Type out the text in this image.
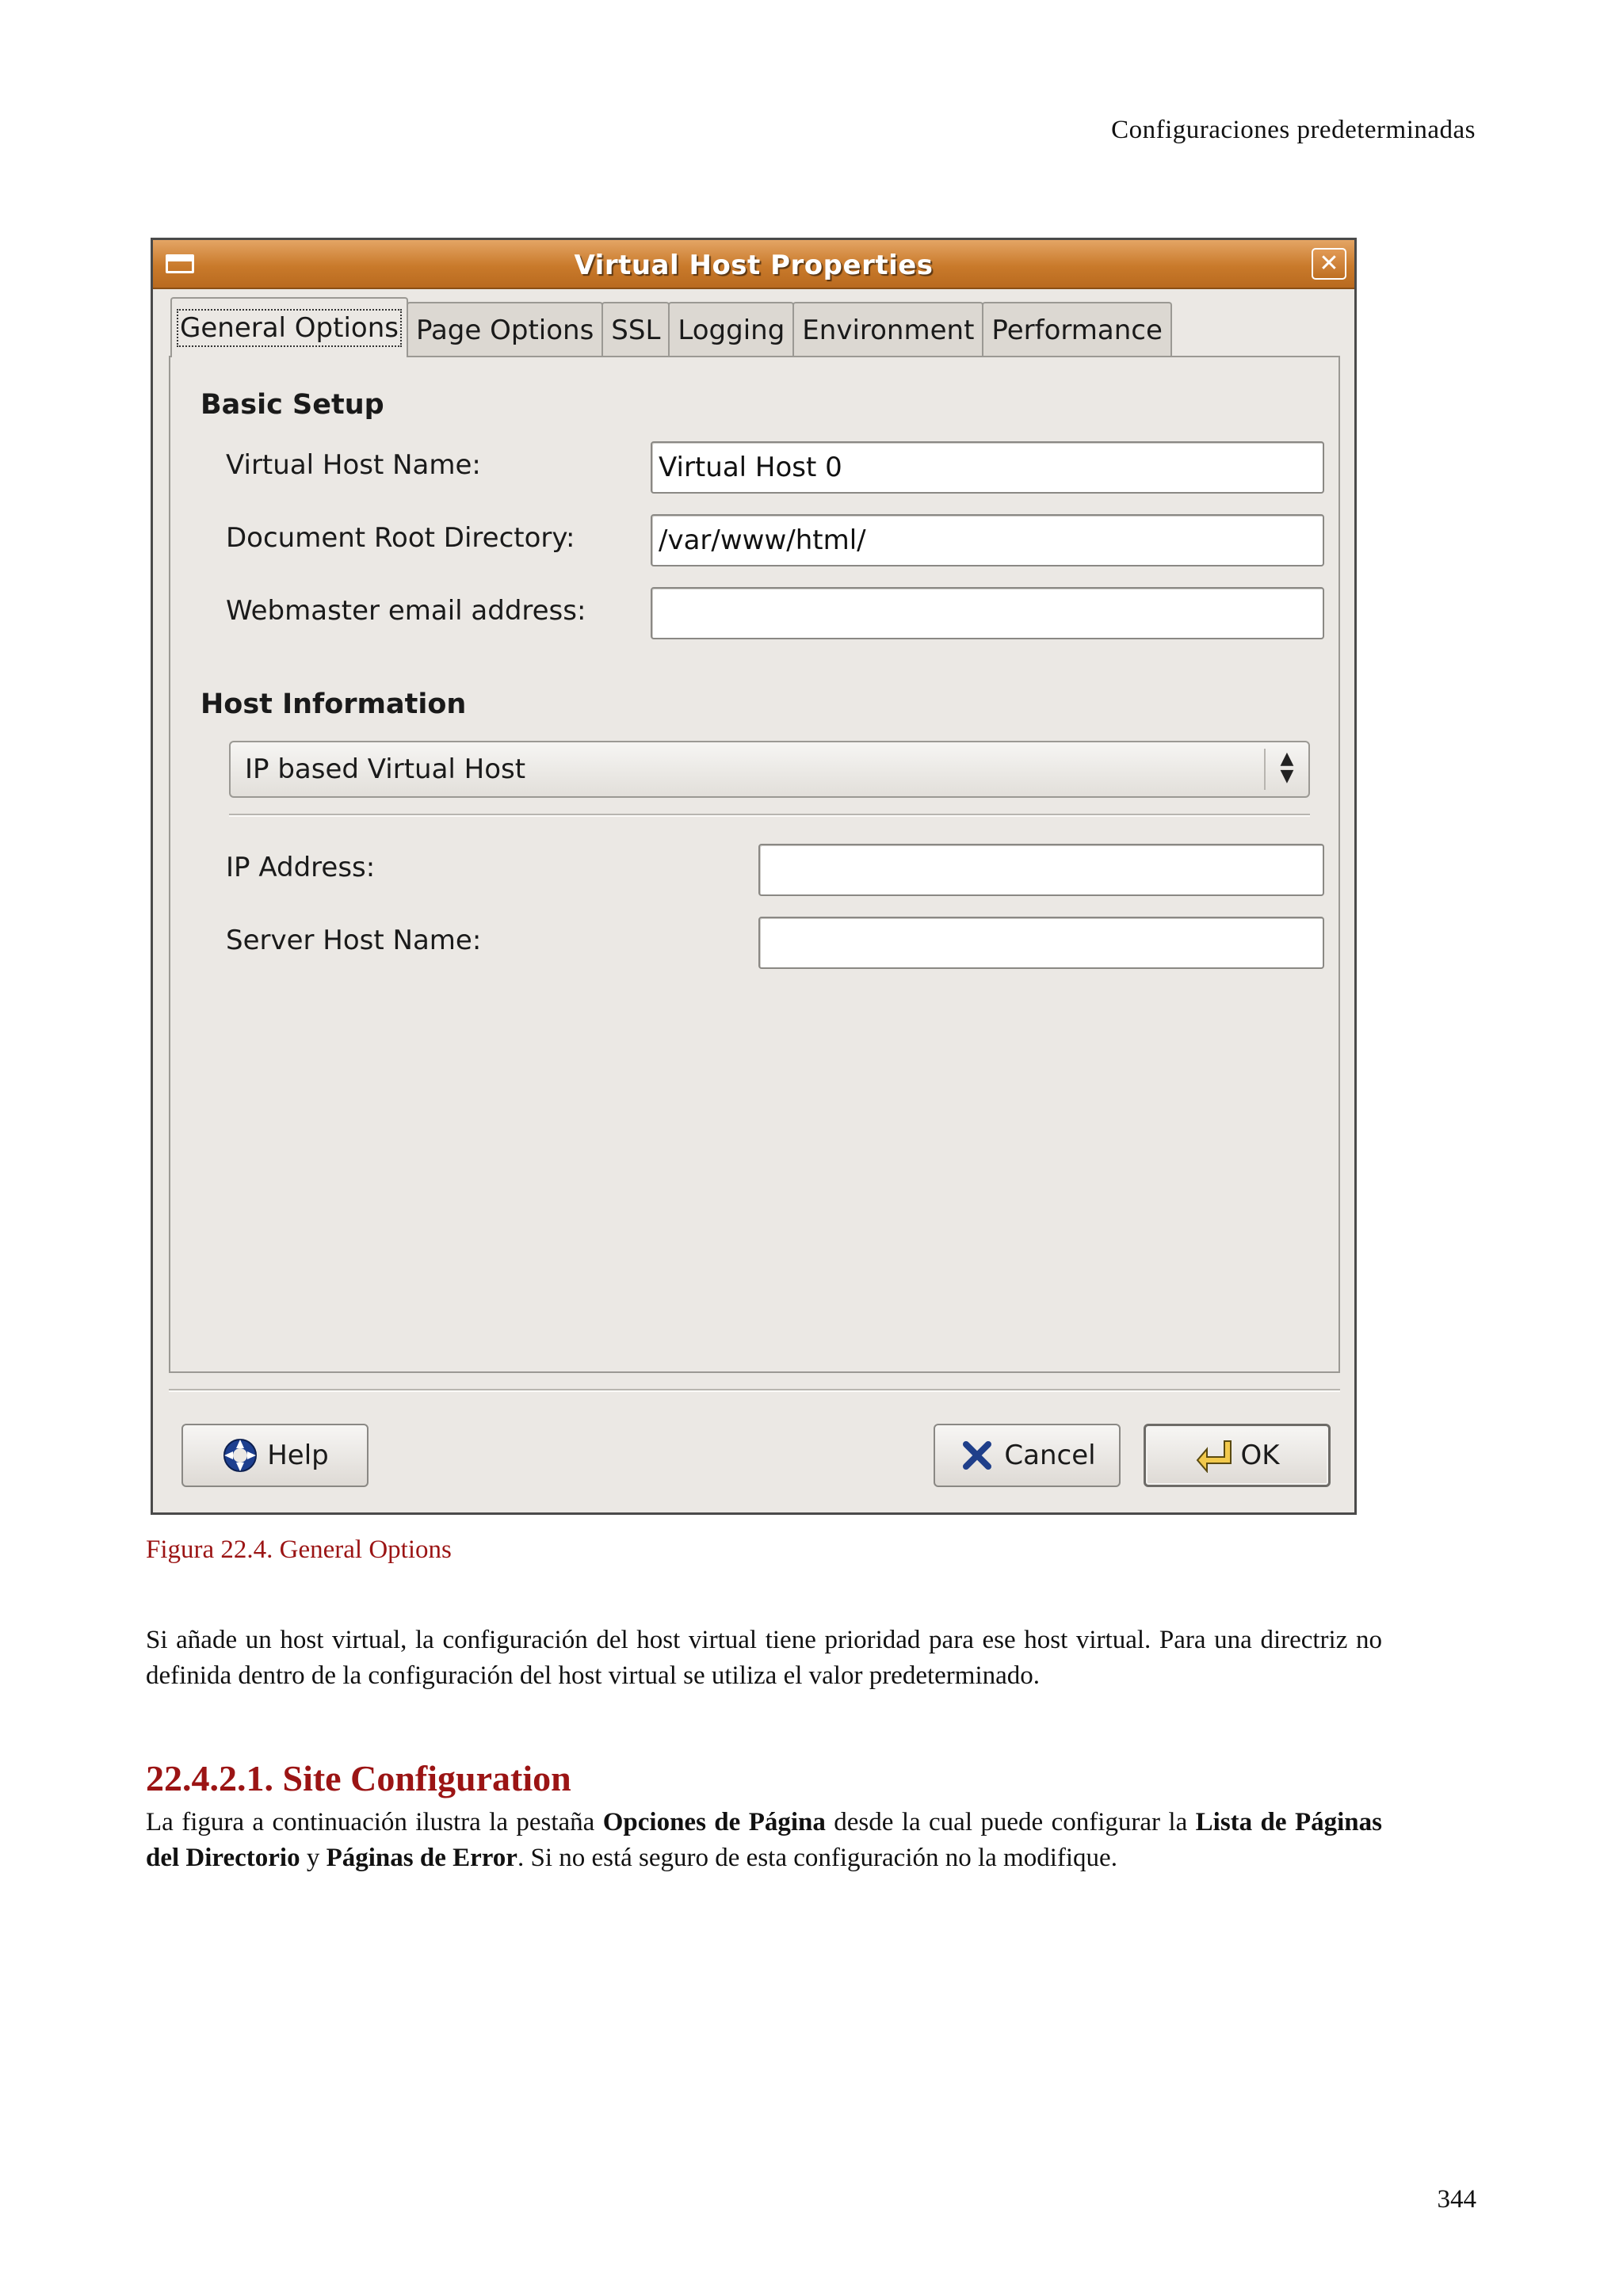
Configuraciones predeterminadas
Virtual Host Properties	✕
General Options Page Options SSL Logging Environment Performance
Basic Setup
Virtual Host Name:
Virtual Host 0
Document Root Directory:
/var/www/html/
Webmaster email address:
Host Information
IP based Virtual Host	▲
▼
IP Address:
Server Host Name:
Help	Cancel	OK
Figura 22.4. General Options
Si añade un host virtual, la configuración del host virtual tiene prioridad para ese host virtual. Para una directriz no definida dentro de la configuración del host virtual se utiliza el valor predeterminado.
22.4.2.1. Site Configuration
La figura a continuación ilustra la pestaña Opciones de Página desde la cual puede configurar la Lista de Páginas del Directorio y Páginas de Error. Si no está seguro de esta configuración no la modifique.
344
